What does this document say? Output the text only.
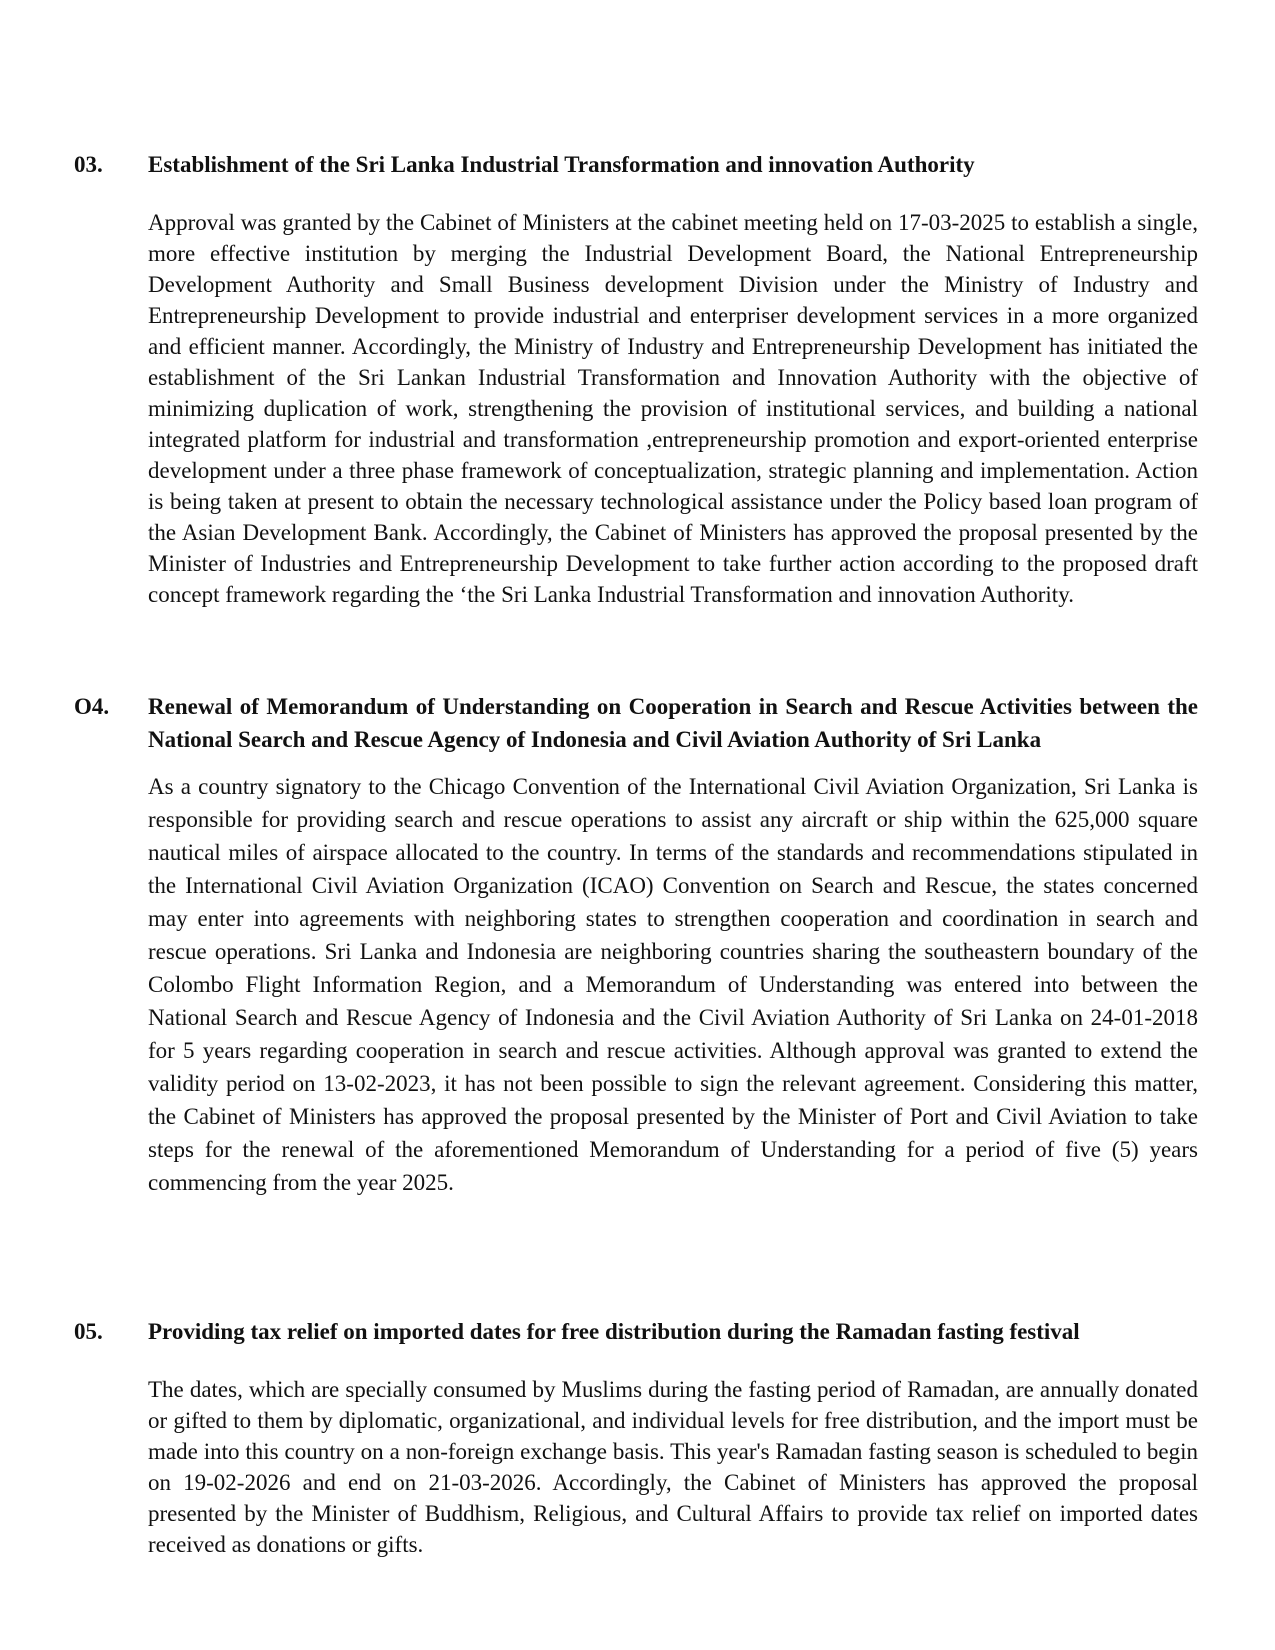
03. Establishment of the Sri Lanka Industrial Transformation and innovation Authority
Approval was granted by the Cabinet of Ministers at the cabinet meeting held on 17-03-2025 to establish a single, more effective institution by merging the Industrial Development Board, the National Entrepreneurship Development Authority and Small Business development Division under the Ministry of Industry and Entrepreneurship Development to provide industrial and enterpriser development services in a more organized and efficient manner. Accordingly, the Ministry of Industry and Entrepreneurship Development has initiated the establishment of the Sri Lankan Industrial Transformation and Innovation Authority with the objective of minimizing duplication of work, strengthening the provision of institutional services, and building a national integrated platform for industrial and transformation ,entrepreneurship promotion and export-oriented enterprise development under a three phase framework of conceptualization, strategic planning and implementation. Action is being taken at present to obtain the necessary technological assistance under the Policy based loan program of the Asian Development Bank. Accordingly, the Cabinet of Ministers has approved the proposal presented by the Minister of Industries and Entrepreneurship Development to take further action according to the proposed draft concept framework regarding the ‘the Sri Lanka Industrial Transformation and innovation Authority.
O4. Renewal of Memorandum of Understanding on Cooperation in Search and Rescue Activities between the National Search and Rescue Agency of Indonesia and Civil Aviation Authority of Sri Lanka
As a country signatory to the Chicago Convention of the International Civil Aviation Organization, Sri Lanka is responsible for providing search and rescue operations to assist any aircraft or ship within the 625,000 square nautical miles of airspace allocated to the country. In terms of the standards and recommendations stipulated in the International Civil Aviation Organization (ICAO) Convention on Search and Rescue, the states concerned may enter into agreements with neighboring states to strengthen cooperation and coordination in search and rescue operations. Sri Lanka and Indonesia are neighboring countries sharing the southeastern boundary of the Colombo Flight Information Region, and a Memorandum of Understanding was entered into between the National Search and Rescue Agency of Indonesia and the Civil Aviation Authority of Sri Lanka on 24-01-2018 for 5 years regarding cooperation in search and rescue activities. Although approval was granted to extend the validity period on 13-02-2023, it has not been possible to sign the relevant agreement. Considering this matter, the Cabinet of Ministers has approved the proposal presented by the Minister of Port and Civil Aviation to take steps for the renewal of the aforementioned Memorandum of Understanding for a period of five (5) years commencing from the year 2025.
05. Providing tax relief on imported dates for free distribution during the Ramadan fasting festival
The dates, which are specially consumed by Muslims during the fasting period of Ramadan, are annually donated or gifted to them by diplomatic, organizational, and individual levels for free distribution, and the import must be made into this country on a non-foreign exchange basis. This year's Ramadan fasting season is scheduled to begin on 19-02-2026 and end on 21-03-2026. Accordingly, the Cabinet of Ministers has approved the proposal presented by the Minister of Buddhism, Religious, and Cultural Affairs to provide tax relief on imported dates received as donations or gifts.
